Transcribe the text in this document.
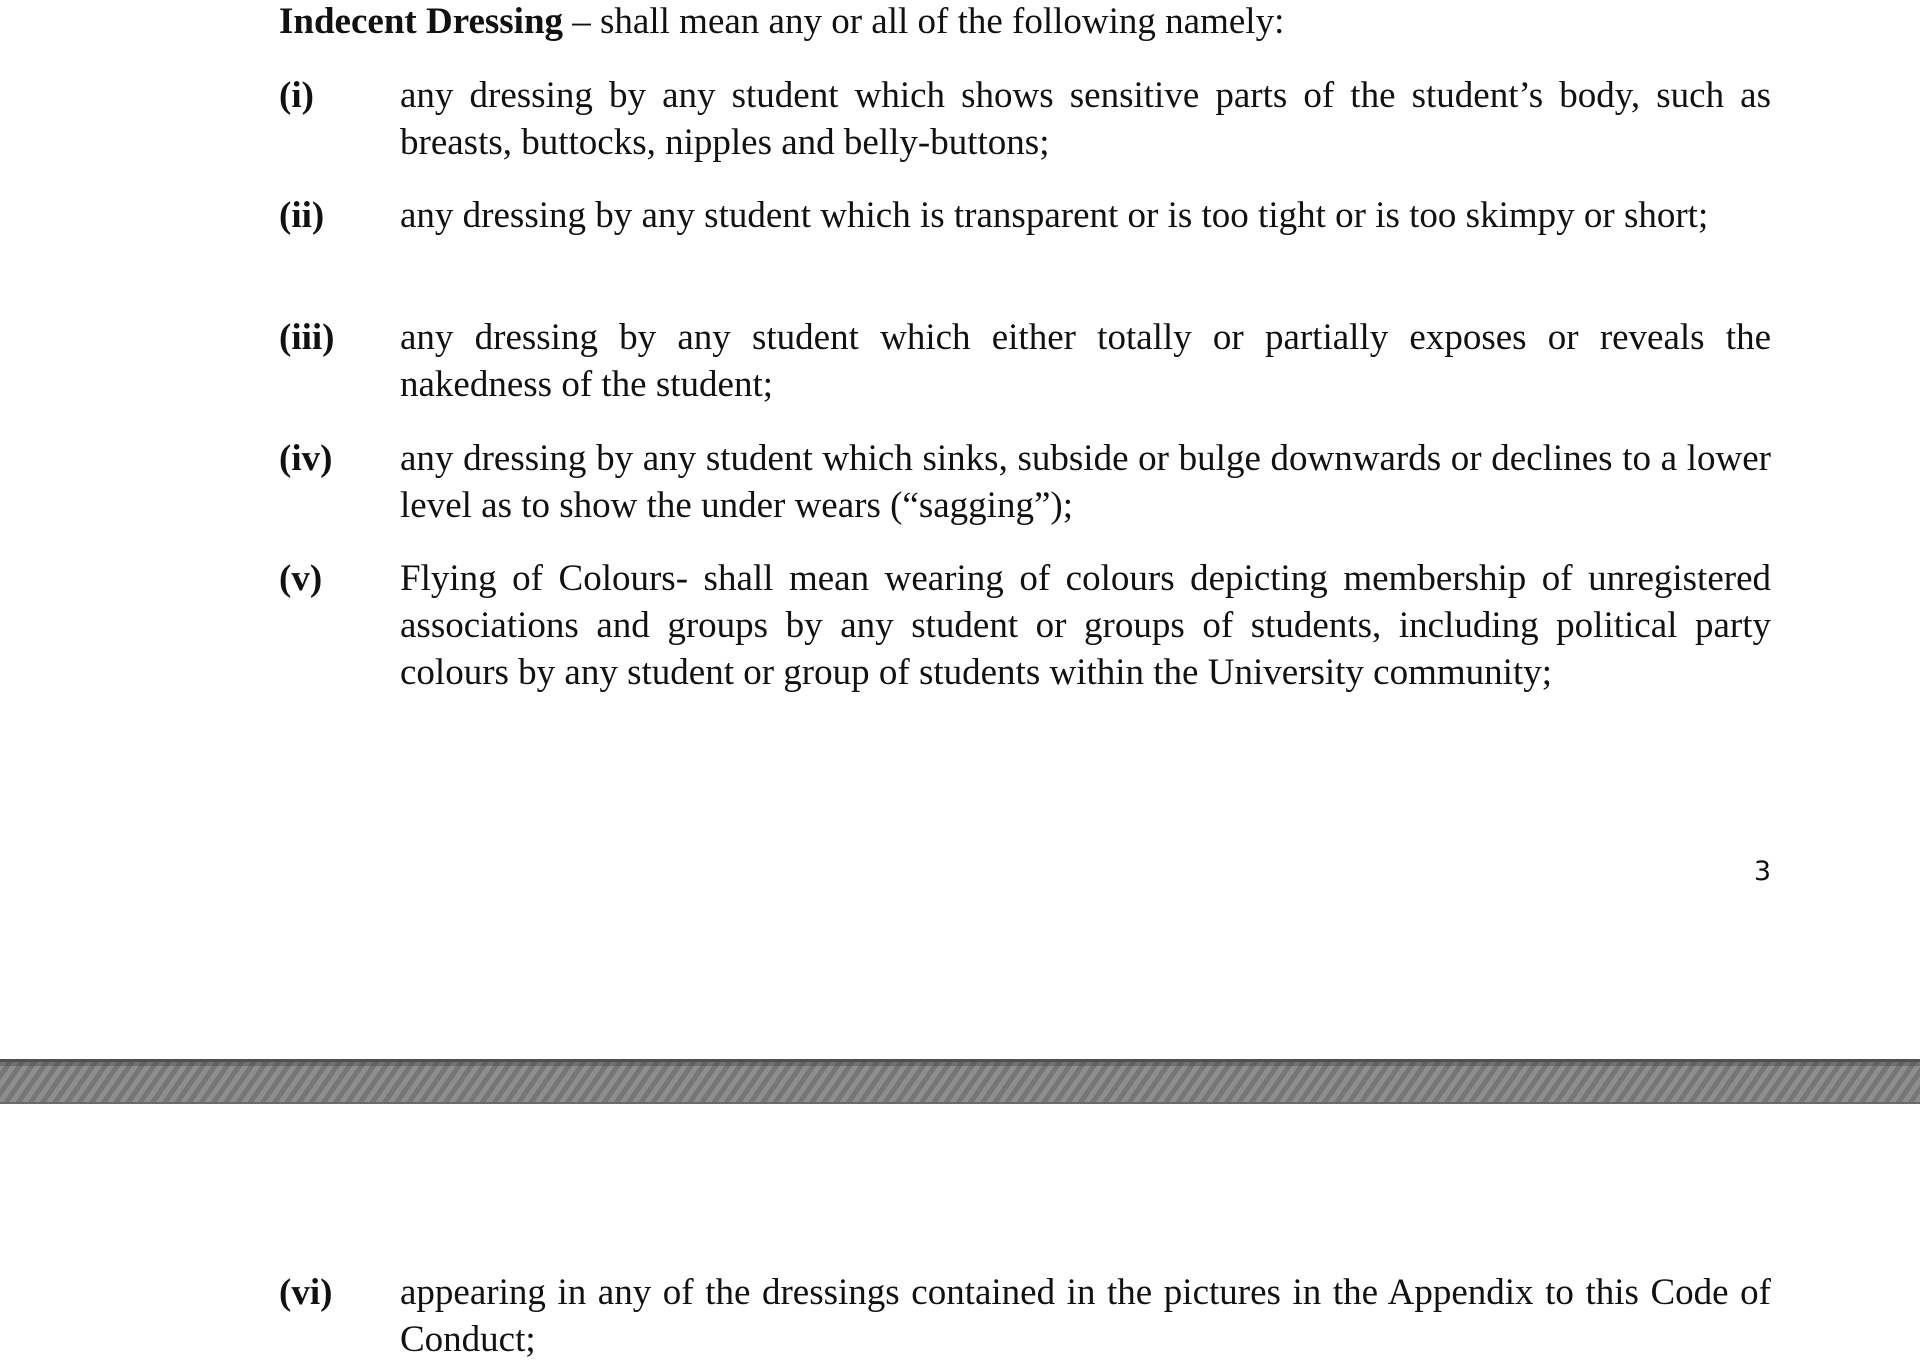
Indecent Dressing – shall mean any or all of the following namely:
(i) any dressing by any student which shows sensitive parts of the student’s body, such as breasts, buttocks, nipples and belly-buttons;
(ii) any dressing by any student which is transparent or is too tight or is too skimpy or short;
(iii) any dressing by any student which either totally or partially exposes or reveals the nakedness of the student;
(iv) any dressing by any student which sinks, subside or bulge downwards or declines to a lower level as to show the under wears (“sagging”);
(v) Flying of Colours- shall mean wearing of colours depicting membership of unregistered associations and groups by any student or groups of students, including political party colours by any student or group of students within the University community;
3
(vi) appearing in any of the dressings contained in the pictures in the Appendix to this Code of Conduct;
